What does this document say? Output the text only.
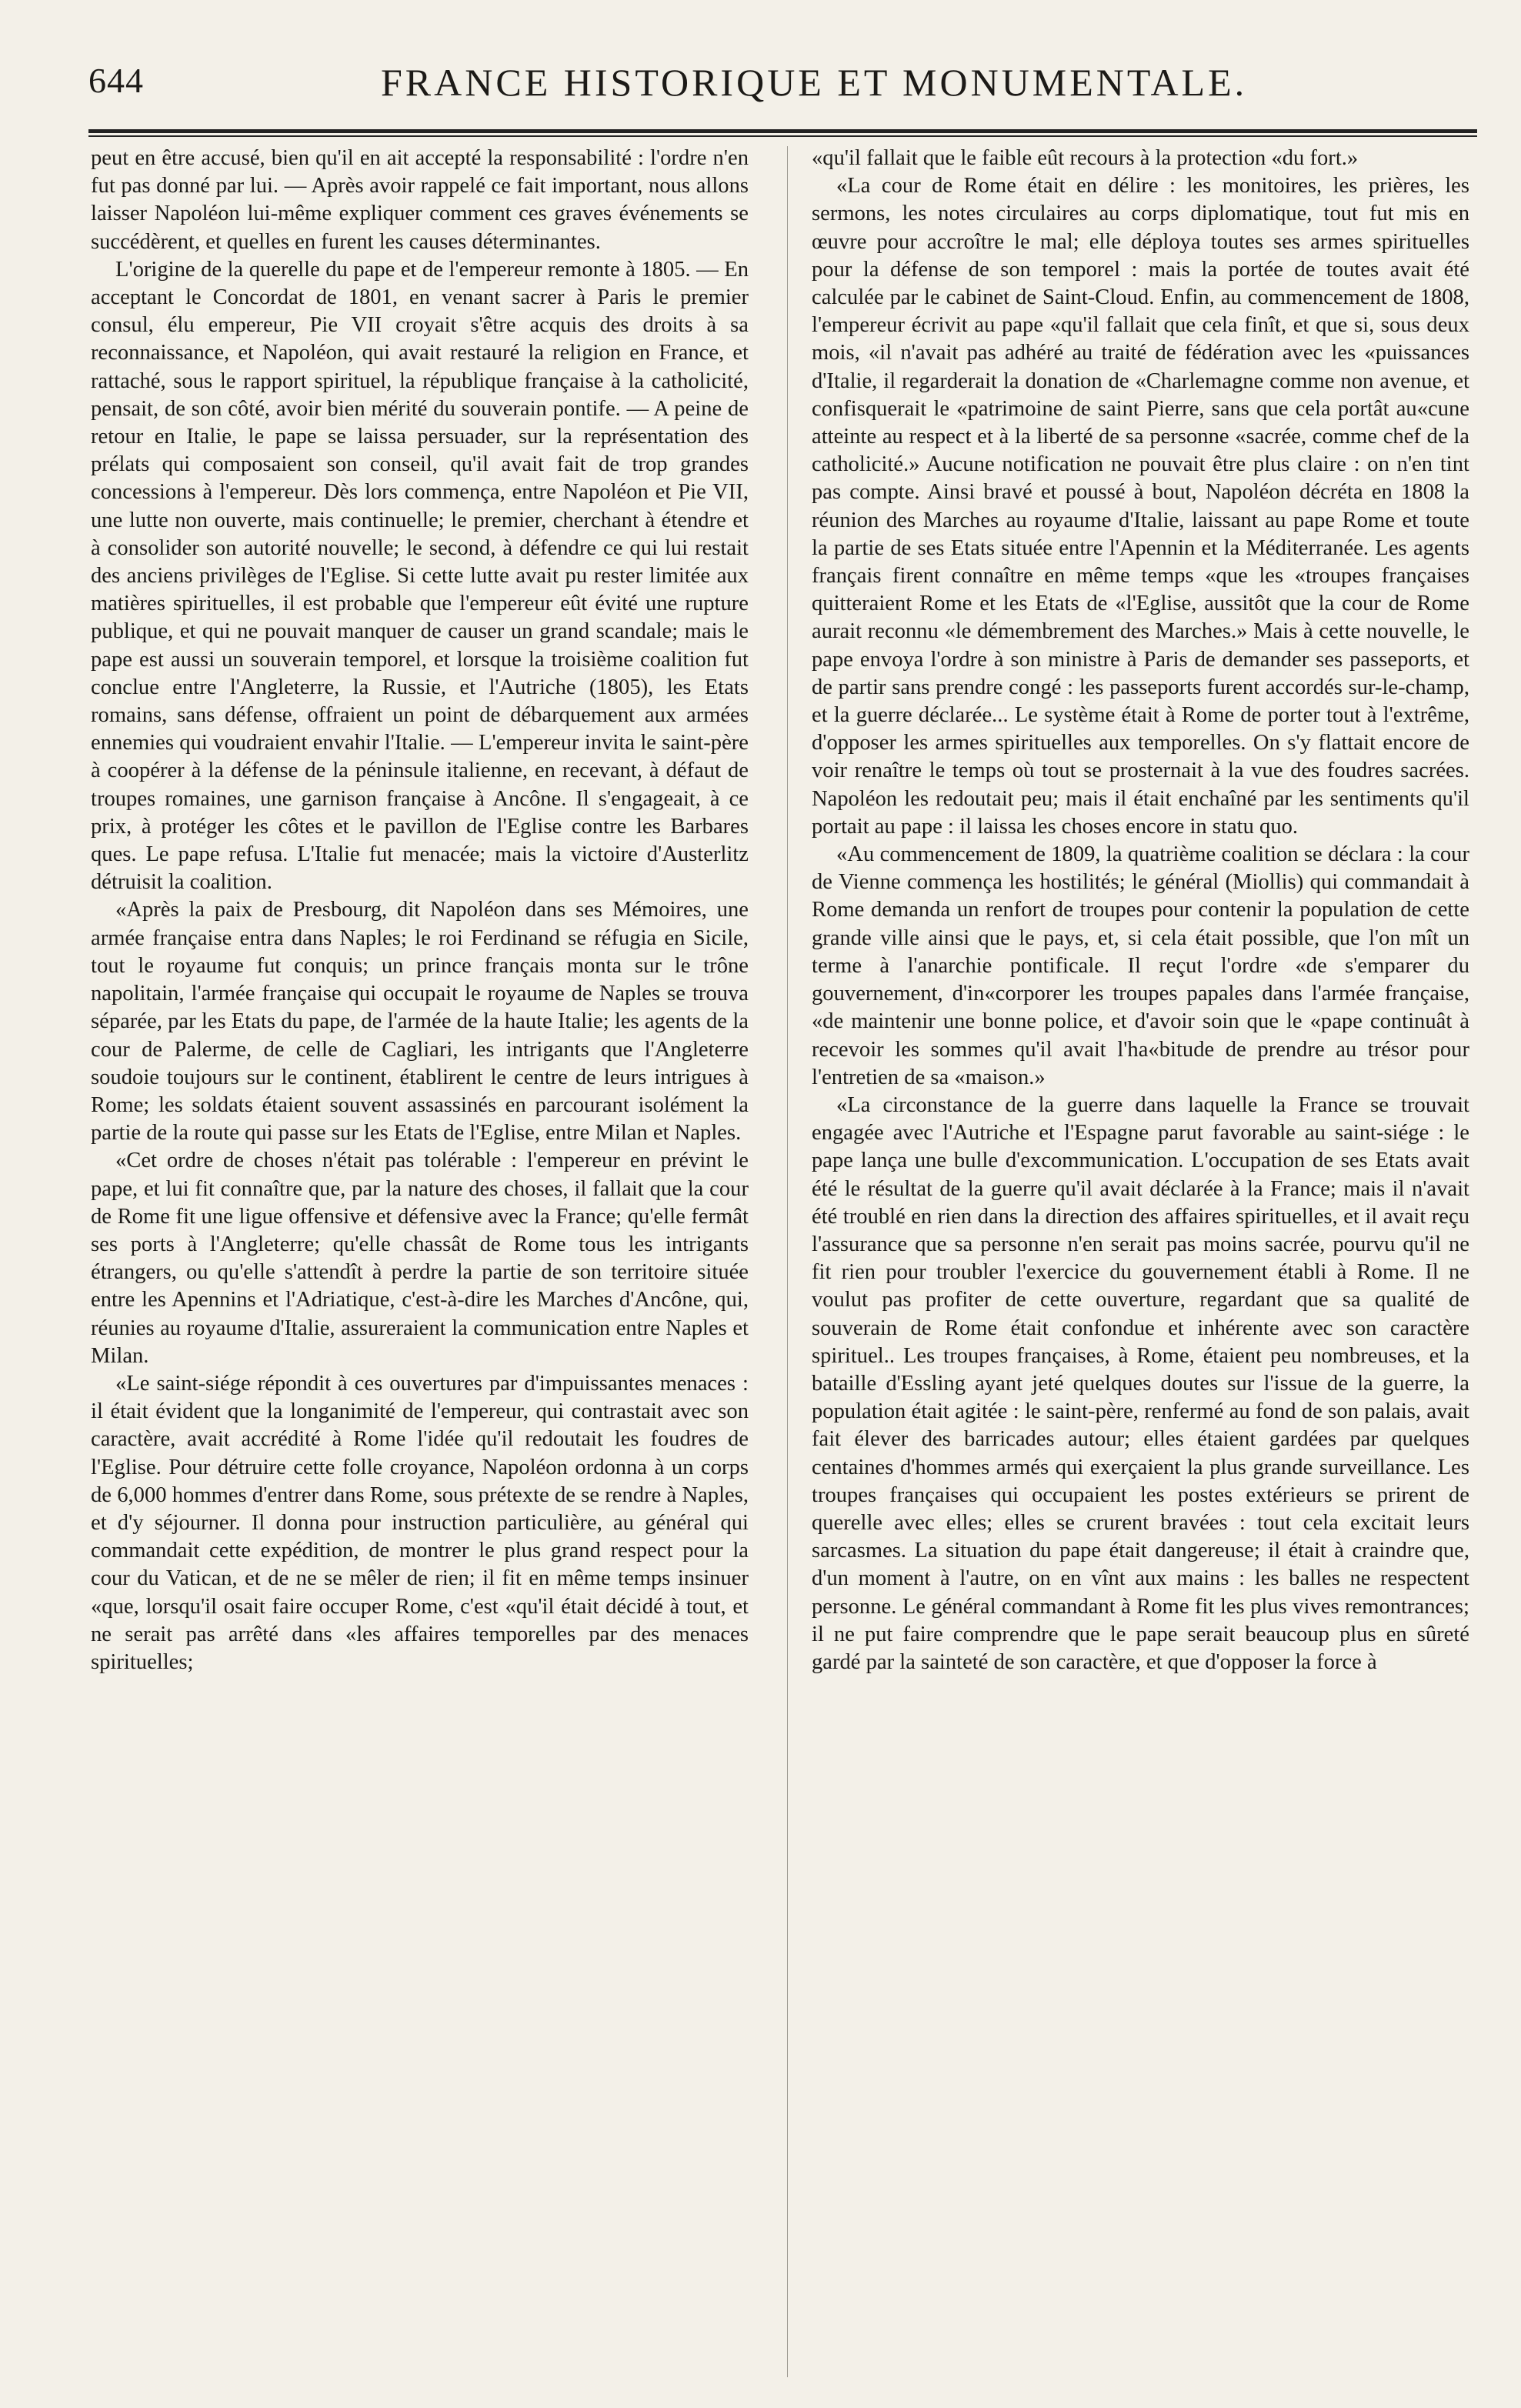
644	FRANCE HISTORIQUE ET MONUMENTALE.

peut en être accusé, bien qu'il en ait accepté la responsabilité : l'ordre n'en fut pas donné par lui. — Après avoir rappelé ce fait important, nous allons laisser Napoléon lui-même expliquer comment ces graves événements se succédèrent, et quelles en furent les causes déterminantes.

L'origine de la querelle du pape et de l'empereur remonte à 1805. — En acceptant le Concordat de 1801, en venant sacrer à Paris le premier consul, élu empereur, Pie VII croyait s'être acquis des droits à sa reconnaissance, et Napoléon, qui avait restauré la religion en France, et rattaché, sous le rapport spirituel, la république française à la catholicité, pensait, de son côté, avoir bien mérité du souverain pontife. — A peine de retour en Italie, le pape se laissa persuader, sur la représentation des prélats qui composaient son conseil, qu'il avait fait de trop grandes concessions à l'empereur. Dès lors commença, entre Napoléon et Pie VII, une lutte non ouverte, mais continuelle; le premier, cherchant à étendre et à consolider son autorité nouvelle; le second, à défendre ce qui lui restait des anciens privilèges de l'Eglise. Si cette lutte avait pu rester limitée aux matières spirituelles, il est probable que l'empereur eût évité une rupture publique, et qui ne pouvait manquer de causer un grand scandale; mais le pape est aussi un souverain temporel, et lorsque la troisième coalition fut conclue entre l'Angleterre, la Russie, et l'Autriche (1805), les Etats romains, sans défense, offraient un point de débarquement aux armées ennemies qui voudraient envahir l'Italie. — L'empereur invita le saint-père à coopérer à la défense de la péninsule italienne, en recevant, à défaut de troupes romaines, une garnison française à Ancône. Il s'engageait, à ce prix, à protéger les côtes et le pavillon de l'Eglise contre les Barbares ques. Le pape refusa. L'Italie fut menacée; mais la victoire d'Austerlitz détruisit la coalition.

«Après la paix de Presbourg, dit Napoléon dans ses Mémoires, une armée française entra dans Naples; le roi Ferdinand se réfugia en Sicile, tout le royaume fut conquis; un prince français monta sur le trône napolitain, l'armée française qui occupait le royaume de Naples se trouva séparée, par les Etats du pape, de l'armée de la haute Italie; les agents de la cour de Palerme, de celle de Cagliari, les intrigants que l'Angleterre soudoie toujours sur le continent, établirent le centre de leurs intrigues à Rome; les soldats étaient souvent assassinés en parcourant isolément la partie de la route qui passe sur les Etats de l'Eglise, entre Milan et Naples.

«Cet ordre de choses n'était pas tolérable : l'empereur en prévint le pape, et lui fit connaître que, par la nature des choses, il fallait que la cour de Rome fit une ligue offensive et défensive avec la France; qu'elle fermât ses ports à l'Angleterre; qu'elle chassât de Rome tous les intrigants étrangers, ou qu'elle s'attendît à perdre la partie de son territoire située entre les Apennins et l'Adriatique, c'est-à-dire les Marches d'Ancône, qui, réunies au royaume d'Italie, assureraient la communication entre Naples et Milan.

«Le saint-siége répondit à ces ouvertures par d'impuissantes menaces : il était évident que la longanimité de l'empereur, qui contrastait avec son caractère, avait accrédité à Rome l'idée qu'il redoutait les foudres de l'Eglise. Pour détruire cette folle croyance, Napoléon ordonna à un corps de 6,000 hommes d'entrer dans Rome, sous prétexte de se rendre à Naples, et d'y séjourner. Il donna pour instruction particulière, au général qui commandait cette expédition, de montrer le plus grand respect pour la cour du Vatican, et de ne se mêler de rien; il fit en même temps insinuer «que, lorsqu'il osait faire occuper Rome, c'est «qu'il était décidé à tout, et ne serait pas arrêté dans «les affaires temporelles par des menaces spirituelles;

«qu'il fallait que le faible eût recours à la protection «du fort.»

«La cour de Rome était en délire : les monitoires, les prières, les sermons, les notes circulaires au corps diplomatique, tout fut mis en œuvre pour accroître le mal; elle déploya toutes ses armes spirituelles pour la défense de son temporel : mais la portée de toutes avait été calculée par le cabinet de Saint-Cloud. Enfin, au commencement de 1808, l'empereur écrivit au pape «qu'il fallait que cela finît, et que si, sous deux mois, «il n'avait pas adhéré au traité de fédération avec les «puissances d'Italie, il regarderait la donation de «Charlemagne comme non avenue, et confisquerait le «patrimoine de saint Pierre, sans que cela portât au«cune atteinte au respect et à la liberté de sa personne «sacrée, comme chef de la catholicité.» Aucune notification ne pouvait être plus claire : on n'en tint pas compte. Ainsi bravé et poussé à bout, Napoléon décréta en 1808 la réunion des Marches au royaume d'Italie, laissant au pape Rome et toute la partie de ses Etats située entre l'Apennin et la Méditerranée. Les agents français firent connaître en même temps «que les «troupes françaises quitteraient Rome et les Etats de «l'Eglise, aussitôt que la cour de Rome aurait reconnu «le démembrement des Marches.» Mais à cette nouvelle, le pape envoya l'ordre à son ministre à Paris de demander ses passeports, et de partir sans prendre congé : les passeports furent accordés sur-le-champ, et la guerre déclarée... Le système était à Rome de porter tout à l'extrême, d'opposer les armes spirituelles aux temporelles. On s'y flattait encore de voir renaître le temps où tout se prosternait à la vue des foudres sacrées. Napoléon les redoutait peu; mais il était enchaîné par les sentiments qu'il portait au pape : il laissa les choses encore in statu quo.

«Au commencement de 1809, la quatrième coalition se déclara : la cour de Vienne commença les hostilités; le général (Miollis) qui commandait à Rome demanda un renfort de troupes pour contenir la population de cette grande ville ainsi que le pays, et, si cela était possible, que l'on mît un terme à l'anarchie pontificale. Il reçut l'ordre «de s'emparer du gouvernement, d'in«corporer les troupes papales dans l'armée française, «de maintenir une bonne police, et d'avoir soin que le «pape continuât à recevoir les sommes qu'il avait l'ha«bitude de prendre au trésor pour l'entretien de sa «maison.»

«La circonstance de la guerre dans laquelle la France se trouvait engagée avec l'Autriche et l'Espagne parut favorable au saint-siége : le pape lança une bulle d'excommunication. L'occupation de ses Etats avait été le résultat de la guerre qu'il avait déclarée à la France; mais il n'avait été troublé en rien dans la direction des affaires spirituelles, et il avait reçu l'assurance que sa personne n'en serait pas moins sacrée, pourvu qu'il ne fit rien pour troubler l'exercice du gouvernement établi à Rome. Il ne voulut pas profiter de cette ouverture, regardant que sa qualité de souverain de Rome était confondue et inhérente avec son caractère spirituel.. Les troupes françaises, à Rome, étaient peu nombreuses, et la bataille d'Essling ayant jeté quelques doutes sur l'issue de la guerre, la population était agitée : le saint-père, renfermé au fond de son palais, avait fait élever des barricades autour; elles étaient gardées par quelques centaines d'hommes armés qui exerçaient la plus grande surveillance. Les troupes françaises qui occupaient les postes extérieurs se prirent de querelle avec elles; elles se crurent bravées : tout cela excitait leurs sarcasmes. La situation du pape était dangereuse; il était à craindre que, d'un moment à l'autre, on en vînt aux mains : les balles ne respectent personne. Le général commandant à Rome fit les plus vives remontrances; il ne put faire comprendre que le pape serait beaucoup plus en sûreté gardé par la sainteté de son caractère, et que d'opposer la force à
